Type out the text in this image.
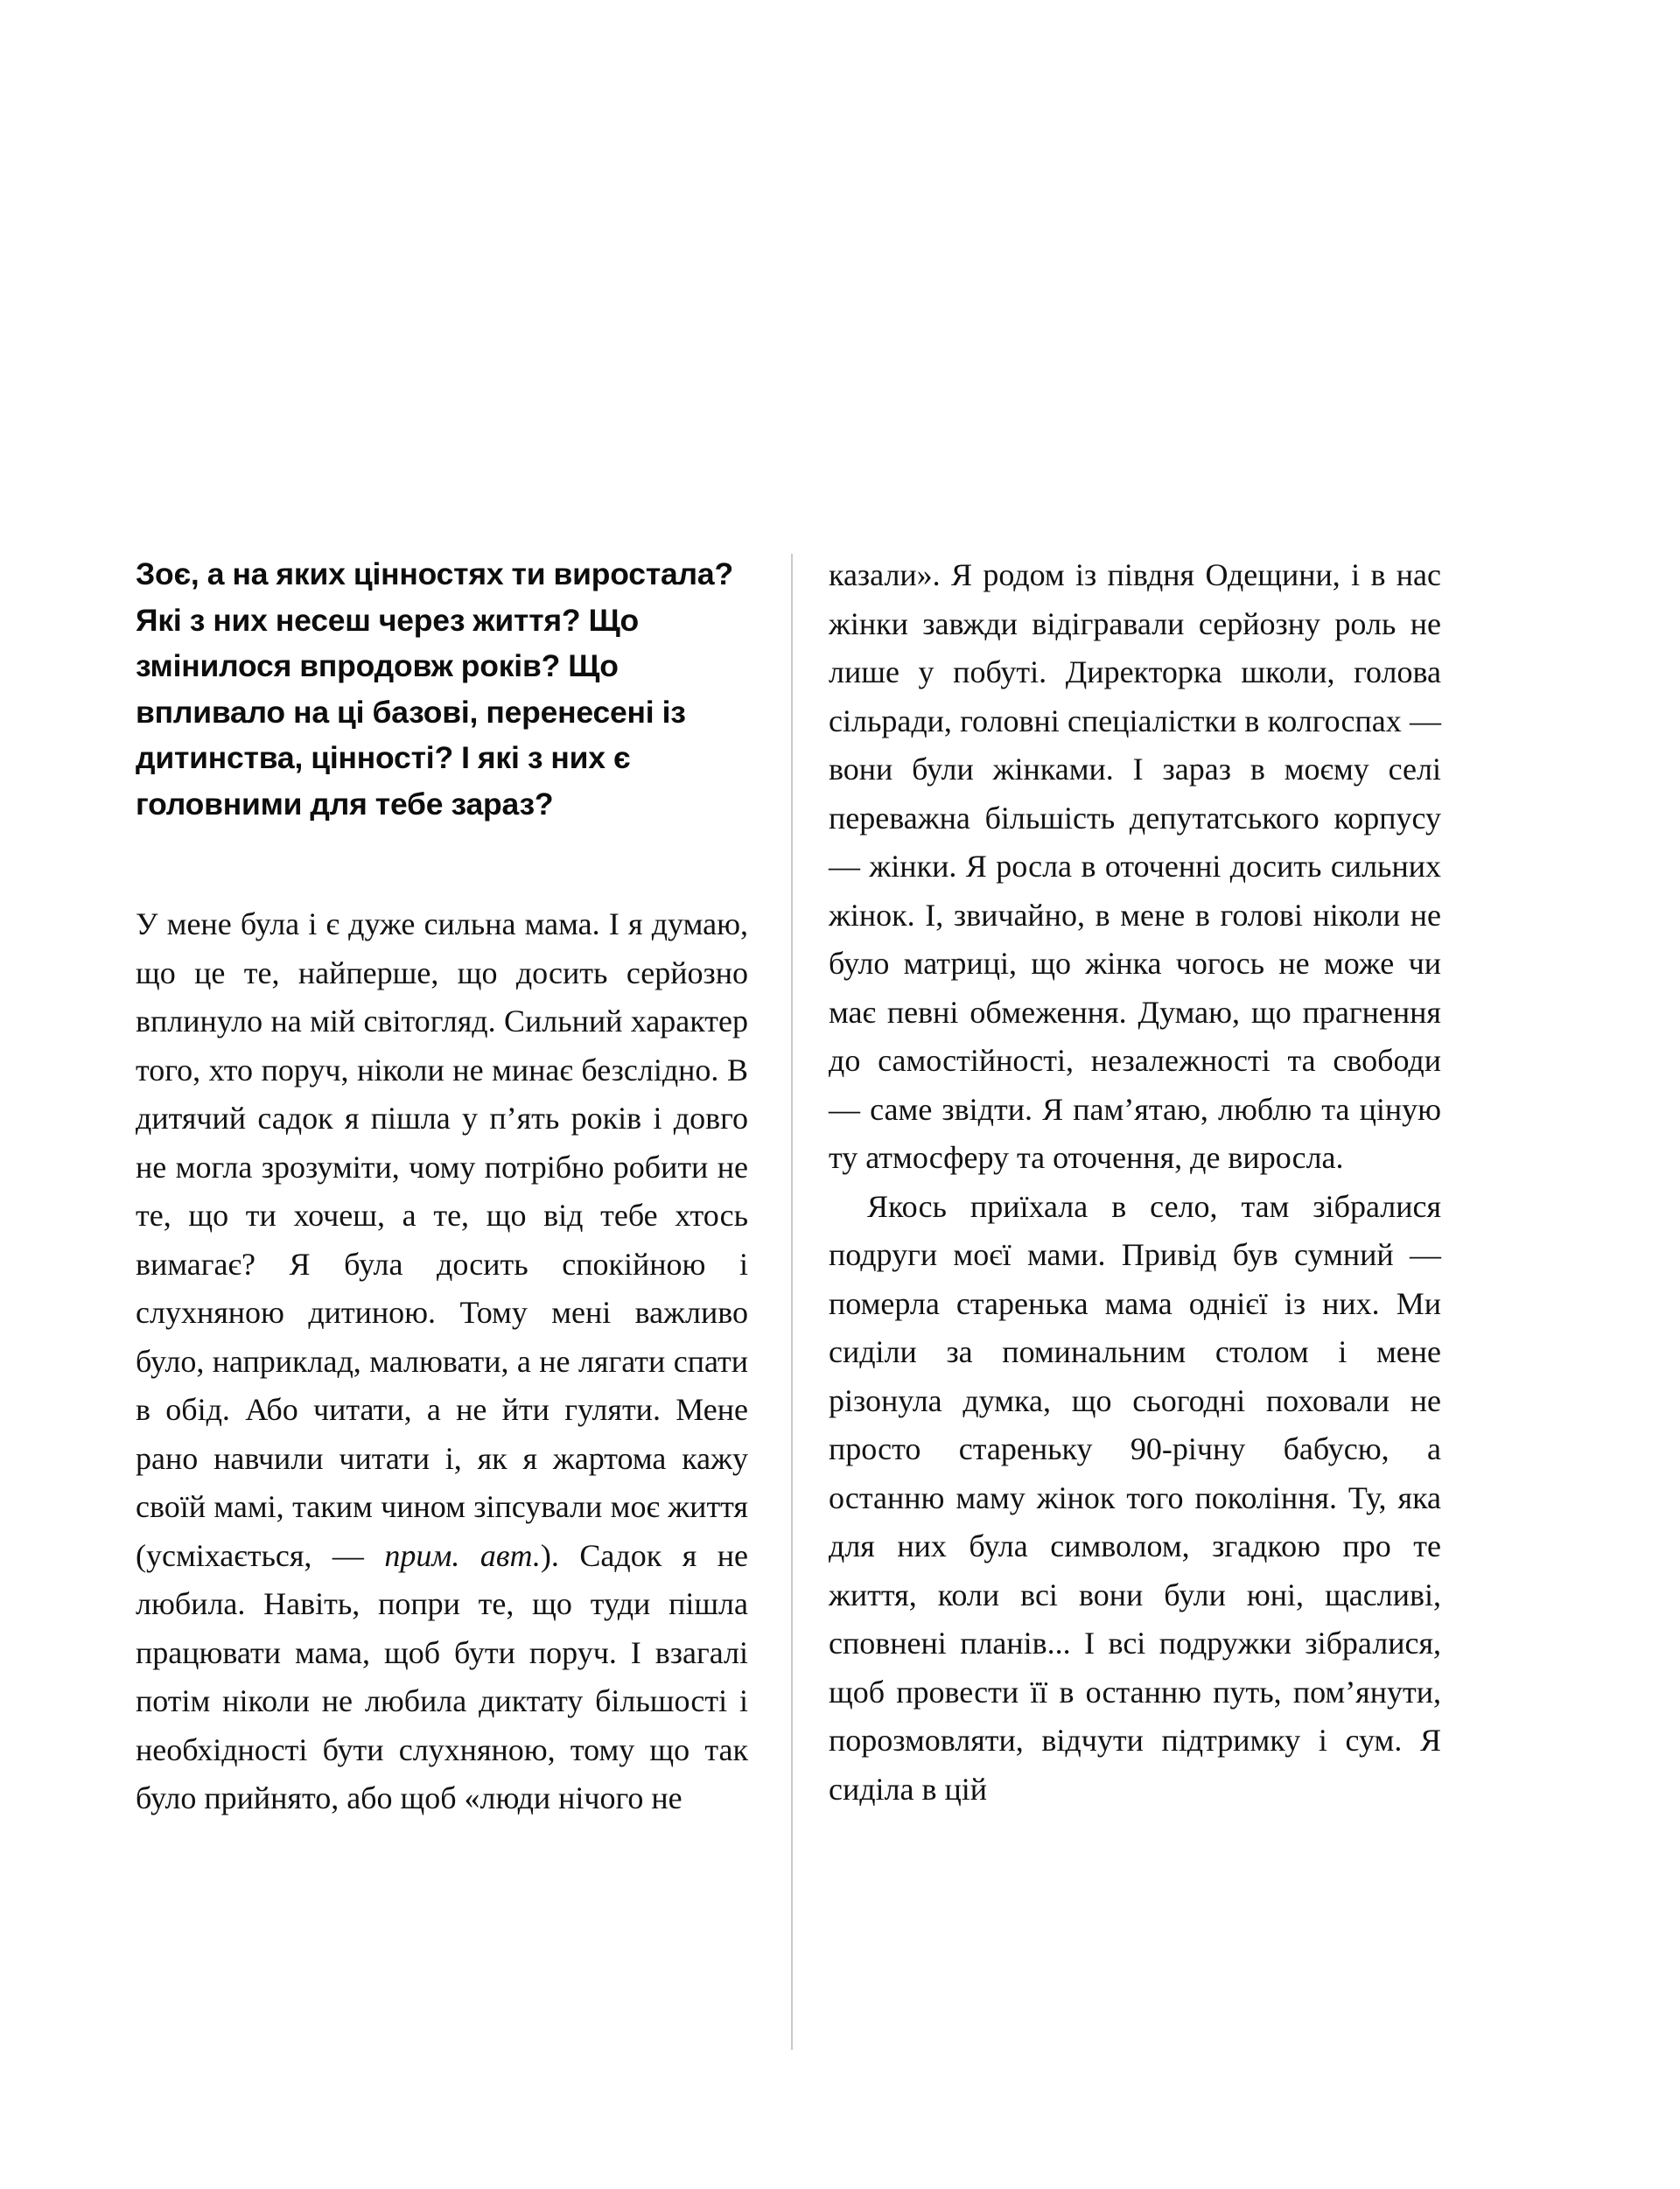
Зоє, а на яких цінностях ти виростала? Які з них несеш через життя? Що змінилося впродовж років? Що впливало на ці базові, перенесені із дитинства, цінності? І які з них є головними для тебе зараз?

У мене була і є дуже сильна мама. І я думаю, що це те, найперше, що досить серйозно вплинуло на мій світогляд. Сильний характер того, хто поруч, ніколи не минає безслідно. В дитячий садок я пішла у п’ять років і довго не могла зрозуміти, чому потрібно робити не те, що ти хочеш, а те, що від тебе хтось вимагає? Я була досить спокійною і слухняною дитиною. Тому мені важливо було, наприклад, малювати, а не лягати спати в обід. Або читати, а не йти гуляти. Мене рано навчили читати і, як я жартома кажу своїй мамі, таким чином зіпсували моє життя (усміхається, — прим. авт.). Садок я не любила. Навіть, попри те, що туди пішла працювати мама, щоб бути поруч. І взагалі потім ніколи не любила диктату більшості і необхідності бути слухняною, тому що так було прийнято, або щоб «люди нічого не

казали». Я родом із півдня Одещини, і в нас жінки завжди відігравали серйозну роль не лише у побуті. Директорка школи, голова сільради, головні спеціалістки в колгоспах — вони були жінками. І зараз в моєму селі переважна більшість депутатського корпусу — жінки. Я росла в оточенні досить сильних жінок. І, звичайно, в мене в голові ніколи не було матриці, що жінка чогось не може чи має певні обмеження. Думаю, що прагнення до самостійності, незалежності та свободи — саме звідти. Я пам’ятаю, люблю та ціную ту атмосферу та оточення, де виросла.

Якось приїхала в село, там зібралися подруги моєї мами. Привід був сумний — померла старенька мама однієї із них. Ми сиділи за поминальним столом і мене різонула думка, що сьогодні поховали не просто стареньку 90-річну бабусю, а останню маму жінок того покоління. Ту, яка для них була символом, згадкою про те життя, коли всі вони були юні, щасливі, сповнені планів... І всі подружки зібралися, щоб провести її в останню путь, пом’янути, порозмовляти, відчути підтримку і сум. Я сиділа в цій
